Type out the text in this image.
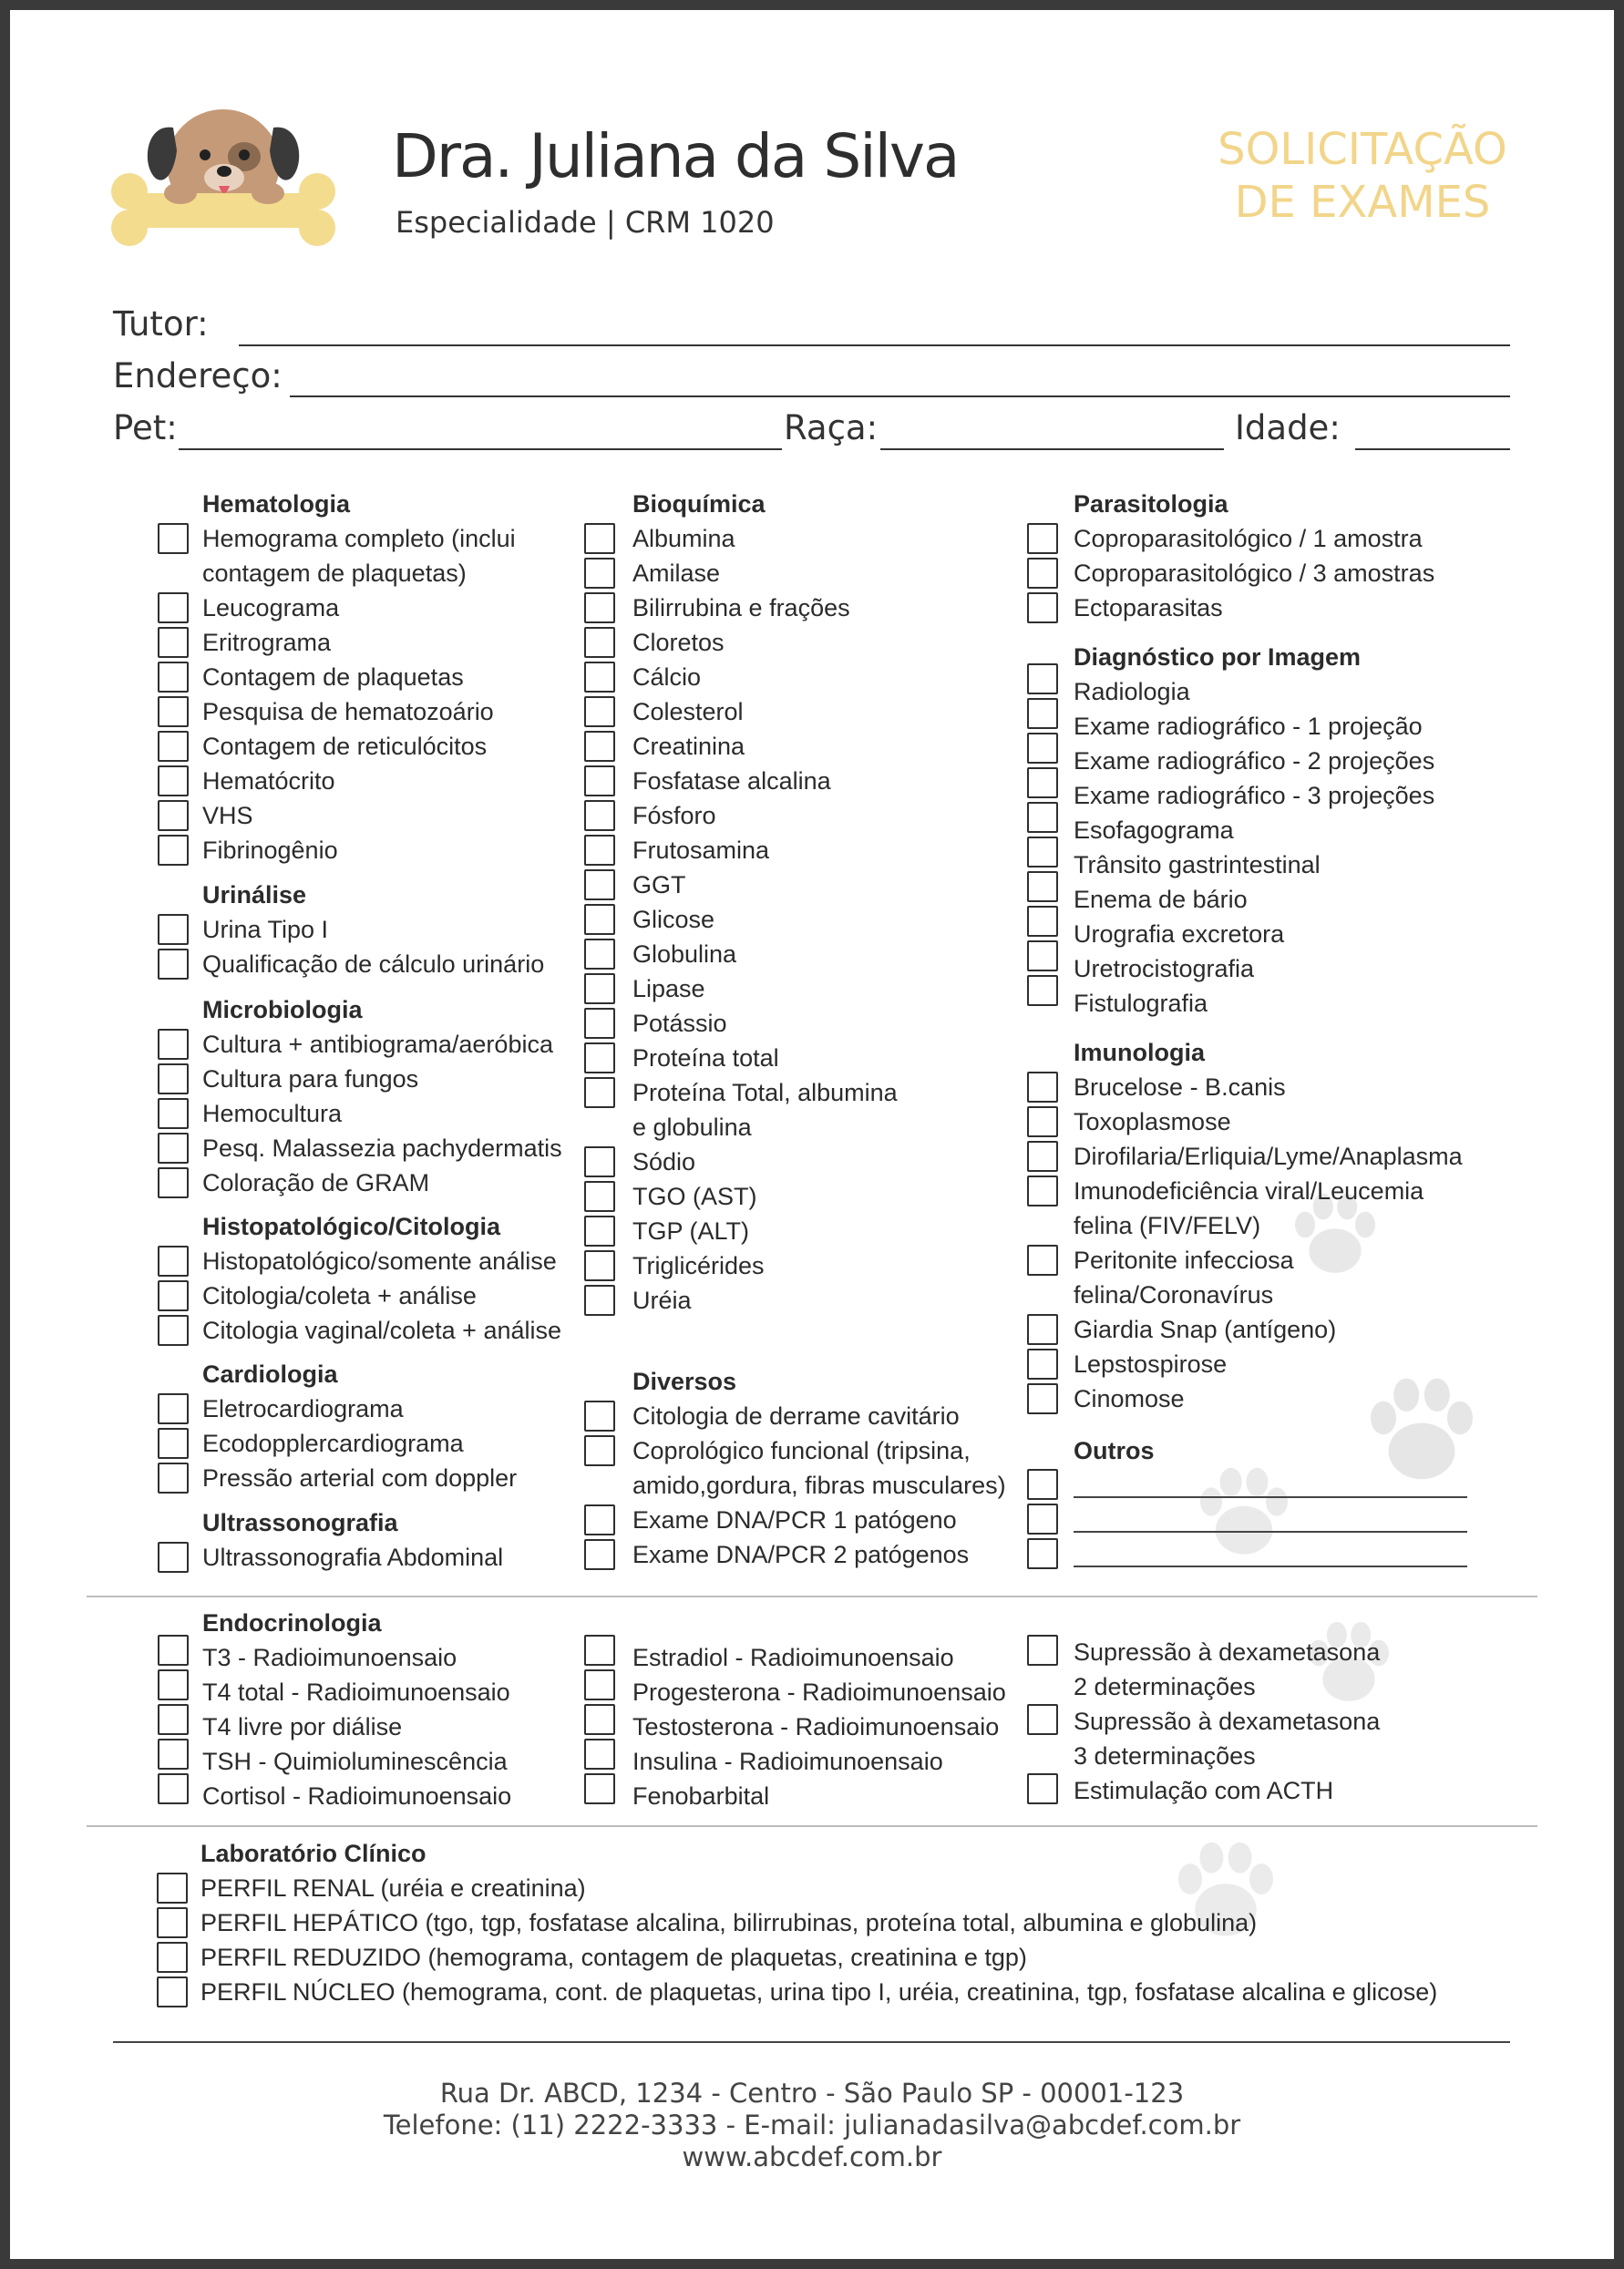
Dra. Juliana da Silva
Especialidade | CRM 1020
SOLICITAÇÃO
DE EXAMES
Tutor:
Endereço:
Pet:	Raça:	Idade:
Hematologia
Hemograma completo (inclui
contagem de plaquetas)
Leucograma
Eritrograma
Contagem de plaquetas
Pesquisa de hematozoário
Contagem de reticulócitos
Hematócrito
VHS
Fibrinogênio
Urinálise
Urina Tipo I
Qualificação de cálculo urinário
Microbiologia
Cultura + antibiograma/aeróbica
Cultura para fungos
Hemocultura
Pesq. Malassezia pachydermatis
Coloração de GRAM
Histopatológico/Citologia
Histopatológico/somente análise
Citologia/coleta + análise
Citologia vaginal/coleta + análise
Cardiologia
Eletrocardiograma
Ecodopplercardiograma
Pressão arterial com doppler
Ultrassonografia
Ultrassonografia Abdominal
Bioquímica
Albumina
Amilase
Bilirrubina e frações
Cloretos
Cálcio
Colesterol
Creatinina
Fosfatase alcalina
Fósforo
Frutosamina
GGT
Glicose
Globulina
Lipase
Potássio
Proteína total
Proteína Total, albumina
e globulina
Sódio
TGO (AST)
TGP (ALT)
Triglicérides
Uréia
Diversos
Citologia de derrame cavitário
Coprológico funcional (tripsina,
amido,gordura, fibras musculares)
Exame DNA/PCR 1 patógeno
Exame DNA/PCR 2 patógenos
Parasitologia
Coproparasitológico / 1 amostra
Coproparasitológico / 3 amostras
Ectoparasitas
Diagnóstico por Imagem
Radiologia
Exame radiográfico - 1 projeção
Exame radiográfico - 2 projeções
Exame radiográfico - 3 projeções
Esofagograma
Trânsito gastrintestinal
Enema de bário
Urografia excretora
Uretrocistografia
Fistulografia
Imunologia
Brucelose - B.canis
Toxoplasmose
Dirofilaria/Erliquia/Lyme/Anaplasma
Imunodeficiência viral/Leucemia
felina (FIV/FELV)
Peritonite infecciosa
felina/Coronavírus
Giardia Snap (antígeno)
Lepstospirose
Cinomose
Outros
Endocrinologia
T3 - Radioimunoensaio
T4 total - Radioimunoensaio
T4 livre por diálise
TSH - Quimioluminescência
Cortisol - Radioimunoensaio
Estradiol - Radioimunoensaio
Progesterona - Radioimunoensaio
Testosterona - Radioimunoensaio
Insulina - Radioimunoensaio
Fenobarbital
Supressão à dexametasona
2 determinações
Supressão à dexametasona
3 determinações
Estimulação com ACTH
Laboratório Clínico
PERFIL RENAL (uréia e creatinina)
PERFIL HEPÁTICO (tgo, tgp, fosfatase alcalina, bilirrubinas, proteína total, albumina e globulina)
PERFIL REDUZIDO (hemograma, contagem de plaquetas, creatinina e tgp)
PERFIL NÚCLEO (hemograma, cont. de plaquetas, urina tipo I, uréia, creatinina, tgp, fosfatase alcalina e glicose)
Rua Dr. ABCD, 1234 - Centro - São Paulo SP - 00001-123
Telefone: (11) 2222-3333 - E-mail: julianadasilva@abcdef.com.br
www.abcdef.com.br
